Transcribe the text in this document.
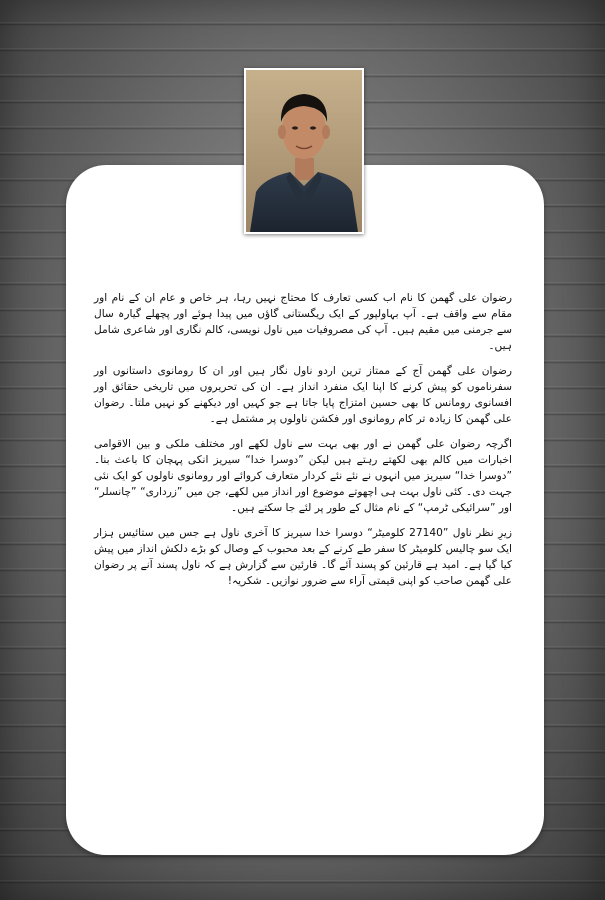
رضوان علی گھمن کا نام اب کسی تعارف کا محتاج نہیں رہا، ہر خاص و عام ان کے نام اور مقام سے واقف ہے۔ آپ بہاولپور کے ایک ریگستانی گاؤں میں پیدا ہوئے اور پچھلے گیارہ سال سے جرمنی میں مقیم ہیں۔ آپ کی مصروفیات میں ناول نویسی، کالم نگاری اور شاعری شامل ہیں۔

رضوان علی گھمن آج کے ممتاز ترین اردو ناول نگار ہیں اور ان کا رومانوی داستانوں اور سفرناموں کو پیش کرنے کا اپنا ایک منفرد انداز ہے۔ ان کی تحریروں میں تاریخی حقائق اور افسانوی رومانس کا بھی حسین امتزاج پایا جاتا ہے جو کہیں اور دیکھنے کو نہیں ملتا۔ رضوان علی گھمن کا زیادہ تر کام رومانوی اور فکشن ناولوں پر مشتمل ہے۔

اگرچہ رضوان علی گھمن نے اور بھی بہت سے ناول لکھے اور مختلف ملکی و بین الاقوامی اخبارات میں کالم بھی لکھتے رہتے ہیں لیکن ”دوسرا خدا“ سیریز انکی پہچان کا باعث بنا۔ ”دوسرا خدا“ سیریز میں انہوں نے نئے نئے کردار متعارف کروائے اور رومانوی ناولوں کو ایک نئی جہت دی۔ کئی ناول بہت ہی اچھوتے موضوع اور انداز میں لکھے، جن میں ”زرداری“ ”چانسلر“ اور ”سرائیکی ٹرمپ“ کے نام مثال کے طور پر لئے جا سکتے ہیں۔

زیرِ نظر ناول ”27140 کلومیٹر“ دوسرا خدا سیریز کا آخری ناول ہے جس میں ستائیس ہزار ایک سو چالیس کلومیٹر کا سفر طے کرنے کے بعد محبوب کے وصال کو بڑے دلکش انداز میں پیش کیا گیا ہے۔ امید ہے قارئین کو پسند آئے گا۔ قارئین سے گزارش ہے کہ ناول پسند آنے پر رضوان علی گھمن صاحب کو اپنی قیمتی آراء سے ضرور نوازیں۔ شکریہ!
